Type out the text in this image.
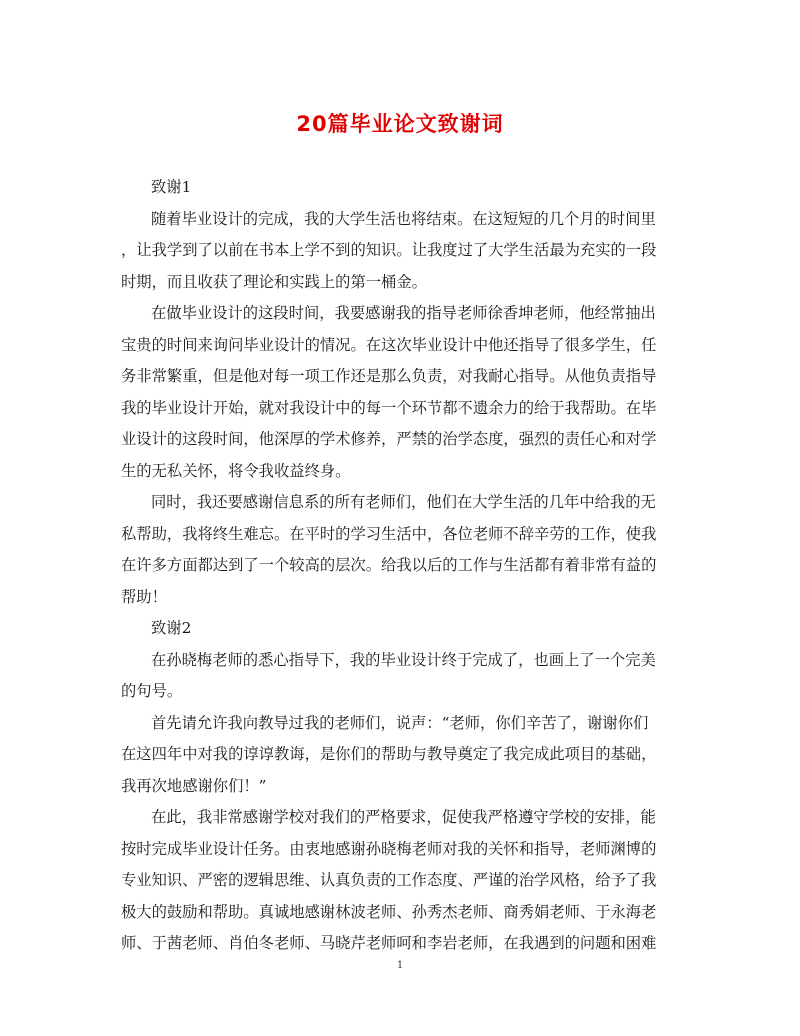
20篇毕业论文致谢词
致谢1
随着毕业设计的完成，我的大学生活也将结束。在这短短的几个月的时间里
，让我学到了以前在书本上学不到的知识。让我度过了大学生活最为充实的一段
时期，而且收获了理论和实践上的第一桶金。
在做毕业设计的这段时间，我要感谢我的指导老师徐香坤老师，他经常抽出
宝贵的时间来询问毕业设计的情况。在这次毕业设计中他还指导了很多学生，任
务非常繁重，但是他对每一项工作还是那么负责，对我耐心指导。从他负责指导
我的毕业设计开始，就对我设计中的每一个环节都不遗余力的给于我帮助。在毕
业设计的这段时间，他深厚的学术修养，严禁的治学态度，强烈的责任心和对学
生的无私关怀，将令我收益终身。
同时，我还要感谢信息系的所有老师们，他们在大学生活的几年中给我的无
私帮助，我将终生难忘。在平时的学习生活中，各位老师不辞辛劳的工作，使我
在许多方面都达到了一个较高的层次。给我以后的工作与生活都有着非常有益的
帮助！
致谢2
在孙晓梅老师的悉心指导下，我的毕业设计终于完成了，也画上了一个完美
的句号。
首先请允许我向教导过我的老师们，说声：“老师，你们辛苦了，谢谢你们
在这四年中对我的谆谆教诲，是你们的帮助与教导奠定了我完成此项目的基础，
我再次地感谢你们！”
在此，我非常感谢学校对我们的严格要求，促使我严格遵守学校的安排，能
按时完成毕业设计任务。由衷地感谢孙晓梅老师对我的关怀和指导，老师渊博的
专业知识、严密的逻辑思维、认真负责的工作态度、严谨的治学风格，给予了我
极大的鼓励和帮助。真诚地感谢林波老师、孙秀杰老师、商秀娟老师、于永海老
师、于茜老师、肖伯冬老师、马晓芹老师呵和李岩老师，在我遇到的问题和困难
1
